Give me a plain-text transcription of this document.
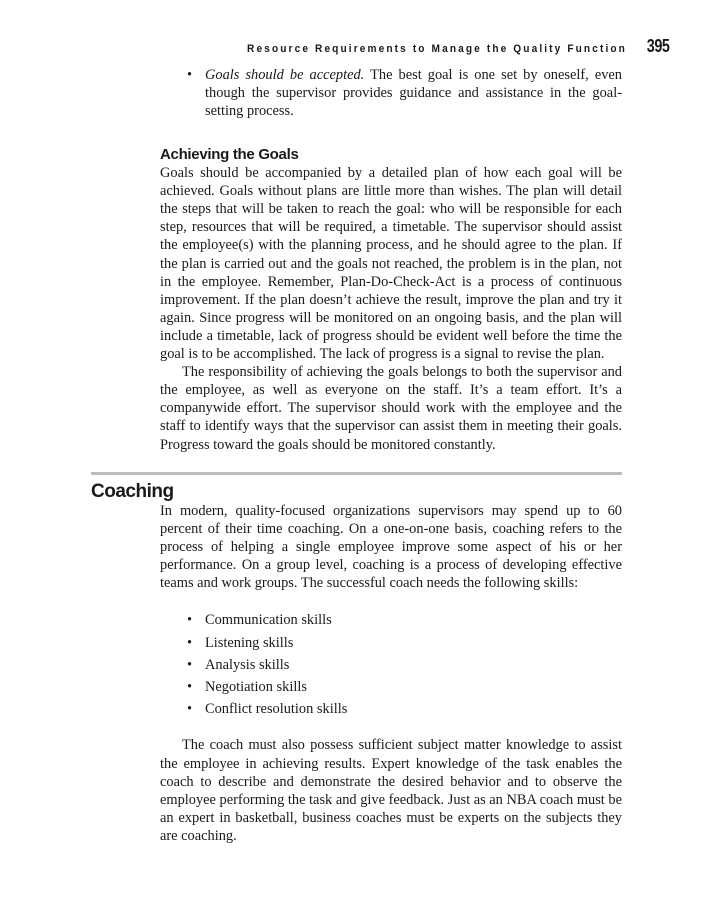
Resource Requirements to Manage the Quality Function 395
• Goals should be accepted. The best goal is one set by oneself, even though the supervisor provides guidance and assistance in the goal-setting process.
Achieving the Goals

Goals should be accompanied by a detailed plan of how each goal will be achieved. Goals without plans are little more than wishes. The plan will detail the steps that will be taken to reach the goal: who will be responsible for each step, resources that will be required, a timetable. The supervisor should assist the employee(s) with the planning process, and he should agree to the plan. If the plan is carried out and the goals not reached, the problem is in the plan, not in the employee. Remember, Plan-Do-Check-Act is a process of continuous improvement. If the plan doesn’t achieve the result, improve the plan and try it again. Since progress will be monitored on an ongoing basis, and the plan will include a timetable, lack of progress should be evident well before the time the goal is to be accomplished. The lack of progress is a signal to revise the plan.

The responsibility of achieving the goals belongs to both the supervisor and the employee, as well as everyone on the staff. It’s a team effort. It’s a companywide effort. The supervisor should work with the employee and the staff to identify ways that the supervisor can assist them in meeting their goals. Progress toward the goals should be monitored constantly.

Coaching

In modern, quality-focused organizations supervisors may spend up to 60 percent of their time coaching. On a one-on-one basis, coaching refers to the process of helping a single employee improve some aspect of his or her performance. On a group level, coaching is a process of developing effective teams and work groups. The successful coach needs the following skills:

• Communication skills
• Listening skills
• Analysis skills
• Negotiation skills
• Conflict resolution skills

The coach must also possess sufficient subject matter knowledge to assist the employee in achieving results. Expert knowledge of the task enables the coach to describe and demonstrate the desired behavior and to observe the employee performing the task and give feedback. Just as an NBA coach must be an expert in basketball, business coaches must be experts on the subjects they are coaching.
